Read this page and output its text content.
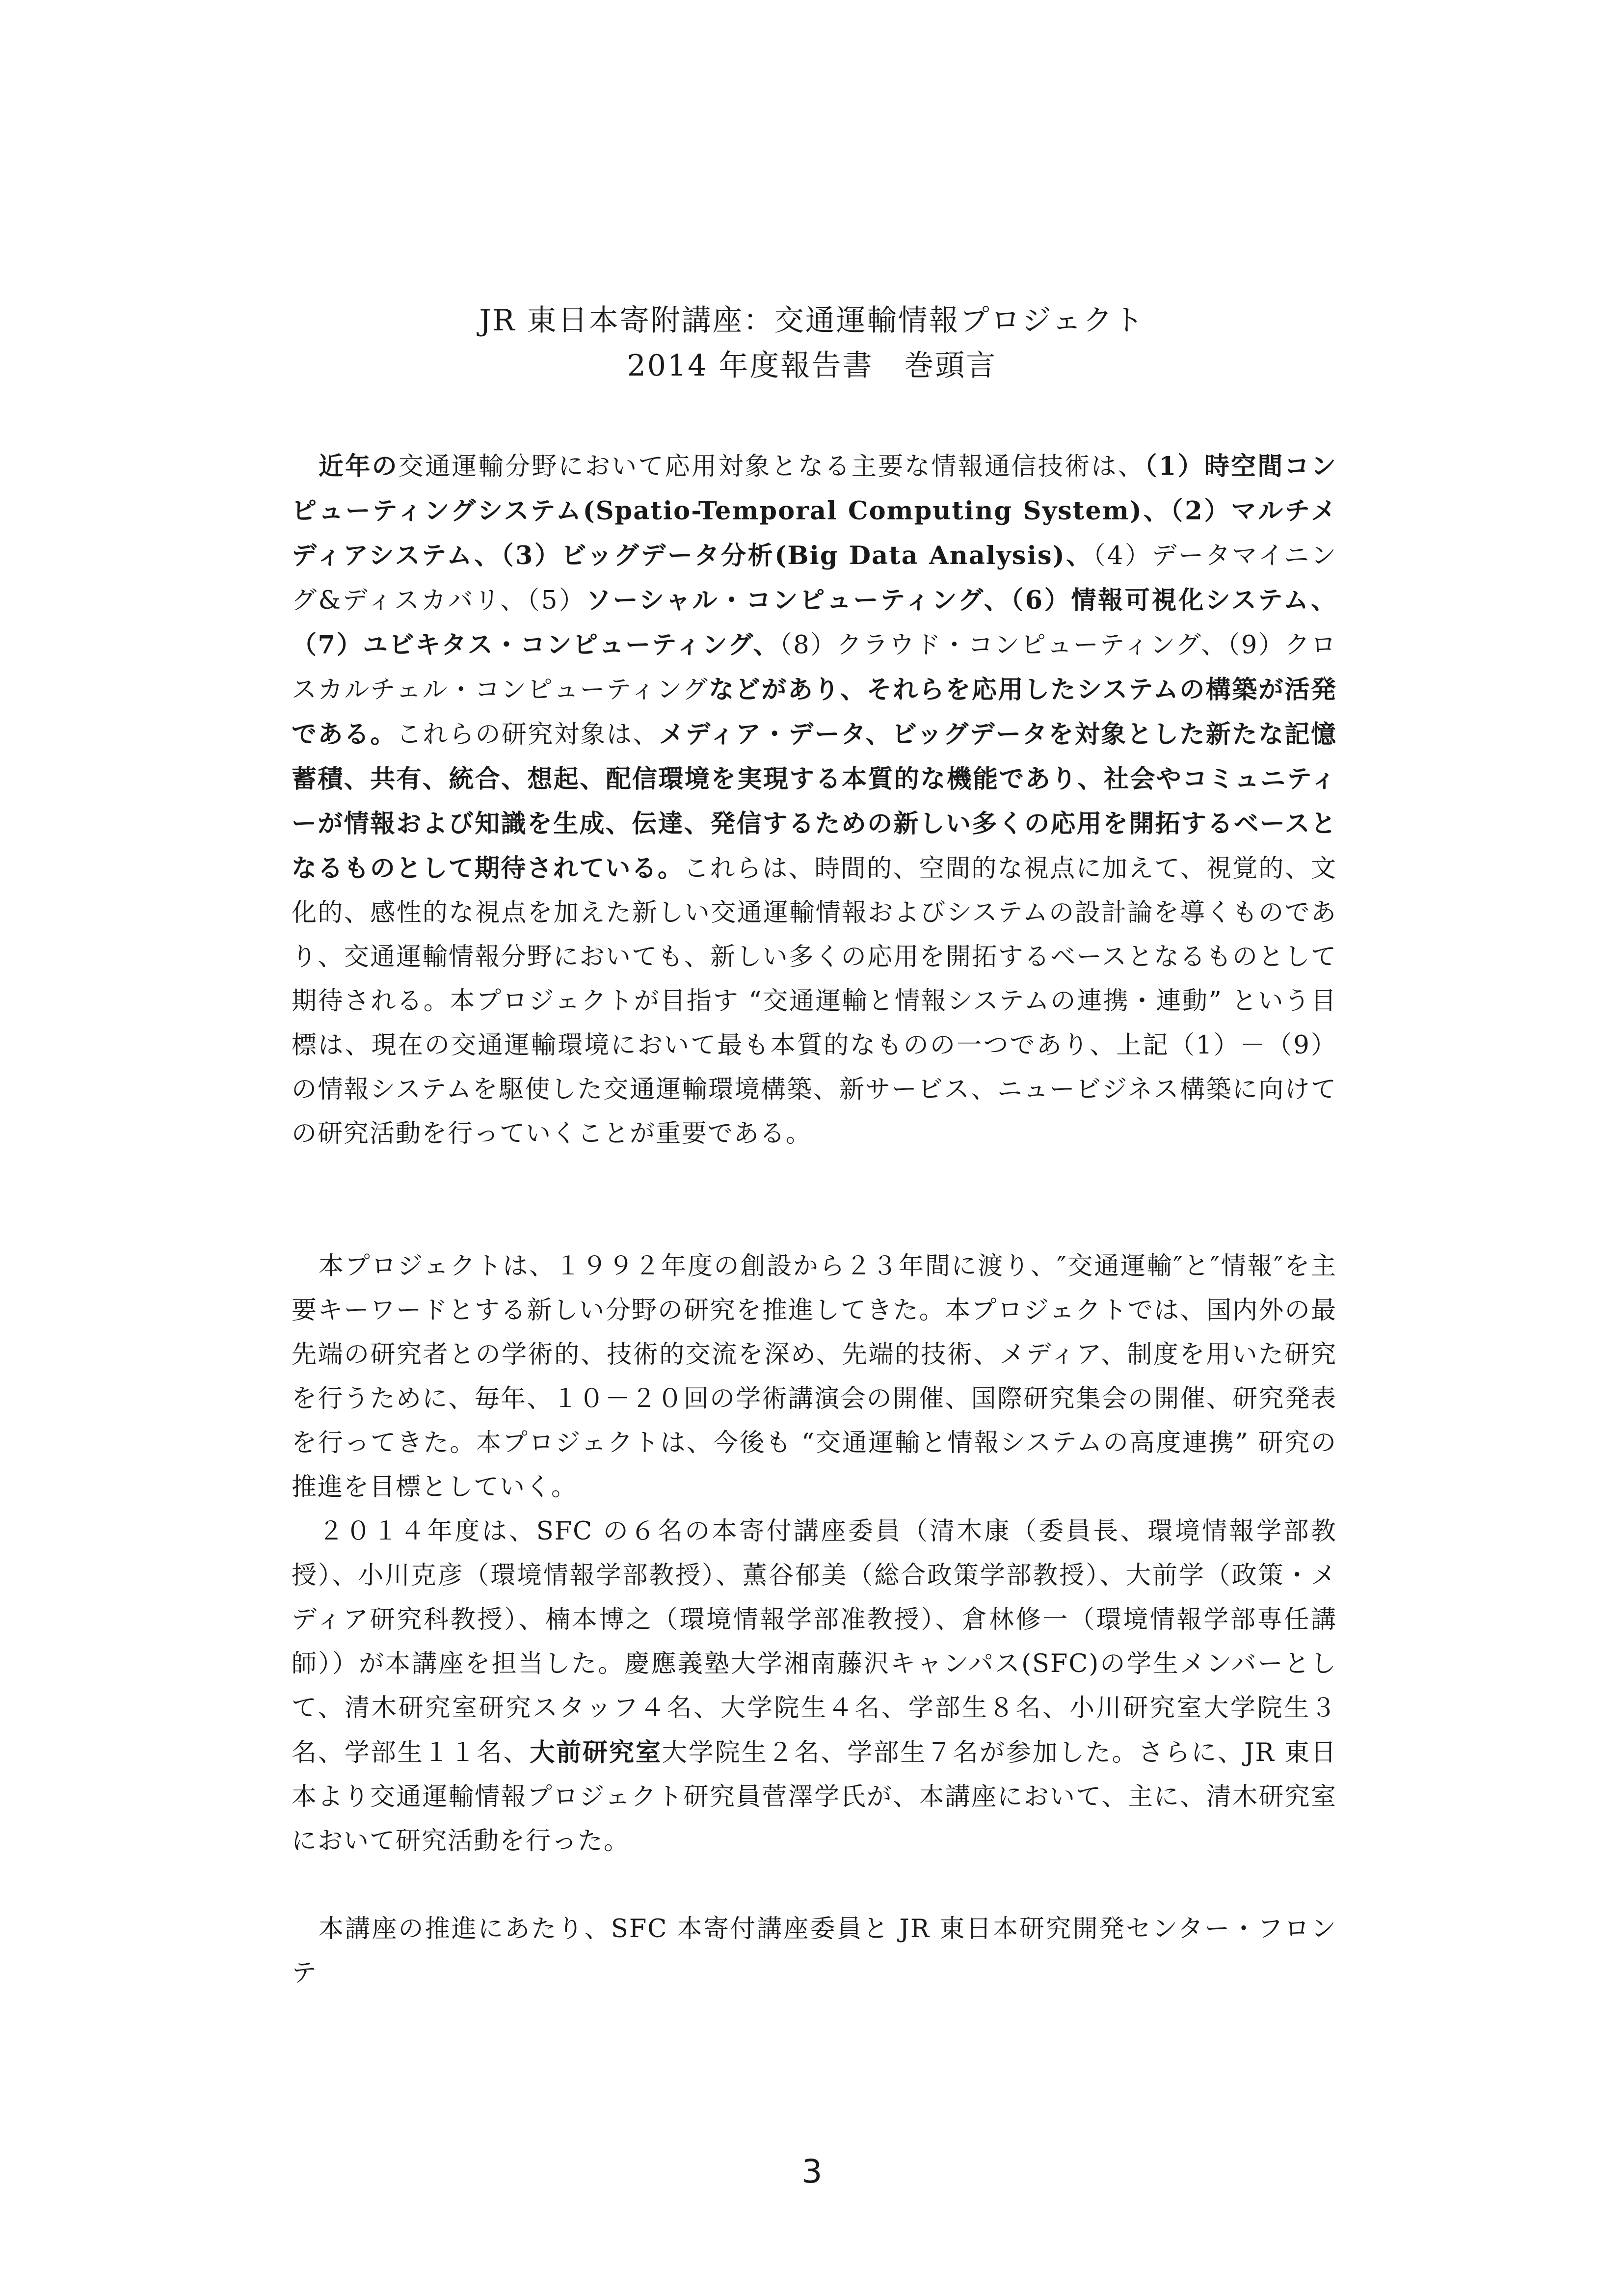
JR 東日本寄附講座：交通運輸情報プロジェクト
2014 年度報告書　巻頭言

近年の交通運輸分野において応用対象となる主要な情報通信技術は、（1）時空間コンピューティングシステム(Spatio-Temporal Computing System)、（2）マルチメディアシステム、（3）ビッグデータ分析(Big Data Analysis)、（4）データマイニング&ディスカバリ、（5）ソーシャル・コンピューティング、（6）情報可視化システム、（7）ユビキタス・コンピューティング、（8）クラウド・コンピューティング、（9）クロスカルチェル・コンピューティングなどがあり、それらを応用したシステムの構築が活発である。これらの研究対象は、メディア・データ、ビッグデータを対象とした新たな記憶蓄積、共有、統合、想起、配信環境を実現する本質的な機能であり、社会やコミュニティーが情報および知識を生成、伝達、発信するための新しい多くの応用を開拓するベースとなるものとして期待されている。これらは、時間的、空間的な視点に加えて、視覚的、文化的、感性的な視点を加えた新しい交通運輸情報およびシステムの設計論を導くものであり、交通運輸情報分野においても、新しい多くの応用を開拓するベースとなるものとして期待される。本プロジェクトが目指す “交通運輸と情報システムの連携・連動” という目標は、現在の交通運輸環境において最も本質的なものの一つであり、上記（1）－（9）の情報システムを駆使した交通運輸環境構築、新サービス、ニュービジネス構築に向けての研究活動を行っていくことが重要である。

本プロジェクトは、１９９２年度の創設から２３年間に渡り、″交通運輸″と″情報″を主要キーワードとする新しい分野の研究を推進してきた。本プロジェクトでは、国内外の最先端の研究者との学術的、技術的交流を深め、先端的技術、メディア、制度を用いた研究を行うために、毎年、１０－２０回の学術講演会の開催、国際研究集会の開催、研究発表を行ってきた。本プロジェクトは、今後も “交通運輸と情報システムの高度連携” 研究の推進を目標としていく。

２０１４年度は、SFC の６名の本寄付講座委員（清木康（委員長、環境情報学部教授）、小川克彦（環境情報学部教授）、薫谷郁美（総合政策学部教授）、大前学（政策・メディア研究科教授）、楠本博之（環境情報学部准教授）、倉林修一（環境情報学部専任講師））が本講座を担当した。慶應義塾大学湘南藤沢キャンパス(SFC)の学生メンバーとして、清木研究室研究スタッフ４名、大学院生４名、学部生８名、小川研究室大学院生３名、学部生１１名、大前研究室大学院生２名、学部生７名が参加した。さらに、JR 東日本より交通運輸情報プロジェクト研究員菅澤学氏が、本講座において、主に、清木研究室において研究活動を行った。

本講座の推進にあたり、SFC 本寄付講座委員と JR 東日本研究開発センター・フロンテ

3
